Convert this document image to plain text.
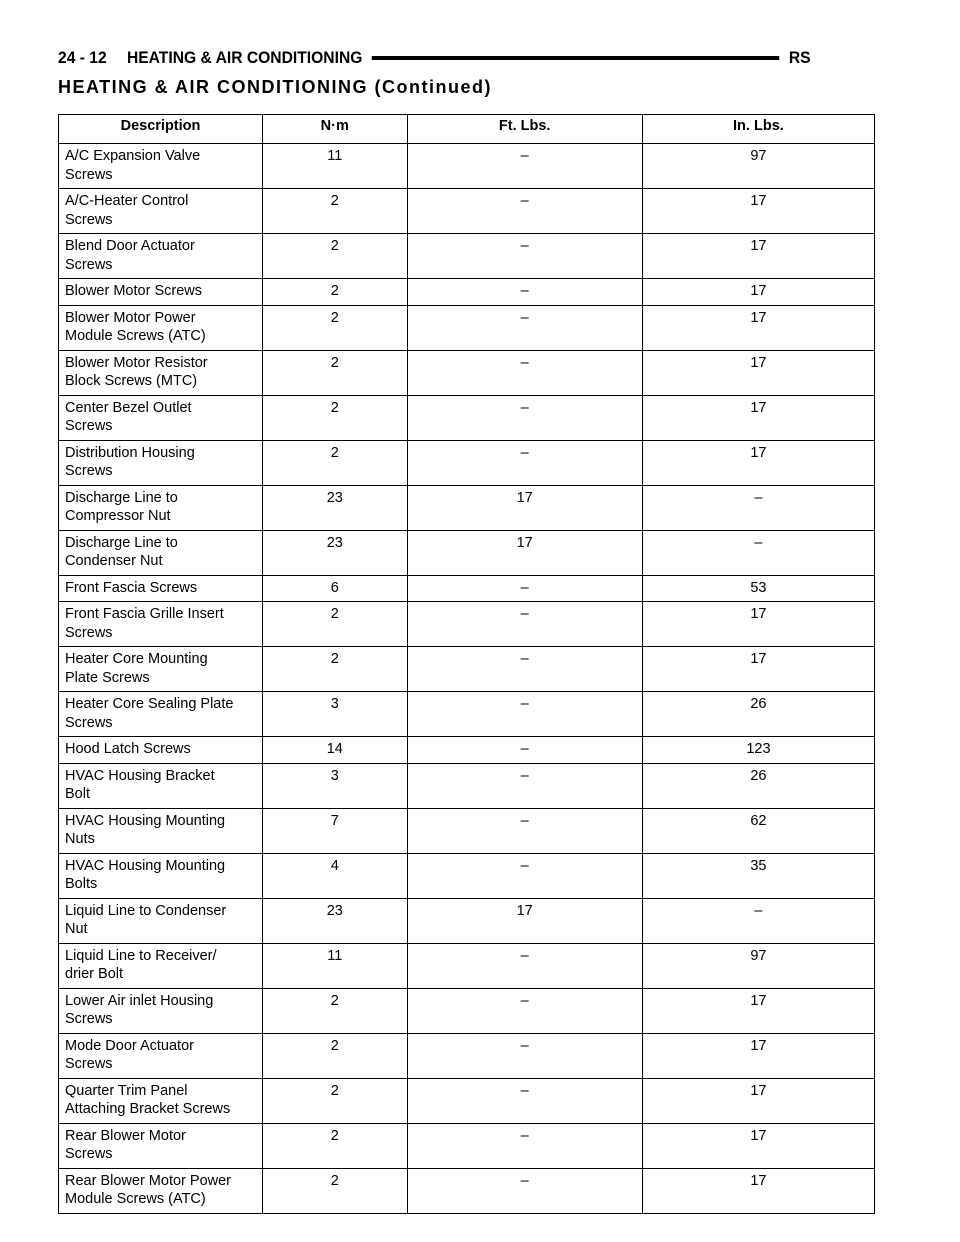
24 - 12 HEATING & AIR CONDITIONING	RS
HEATING & AIR CONDITIONING (Continued)
Description	N·m	Ft. Lbs.	In. Lbs.

A/C Expansion Valve
Screws	11	–	97

A/C-Heater Control
Screws	2	–	17

Blend Door Actuator
Screws	2	–	17

Blower Motor Screws	2	–	17

Blower Motor Power
Module Screws (ATC)	2	–	17

Blower Motor Resistor
Block Screws (MTC)	2	–	17

Center Bezel Outlet
Screws	2	–	17

Distribution Housing
Screws	2	–	17

Discharge Line to
Compressor Nut	23	17	–

Discharge Line to
Condenser Nut	23	17	–

Front Fascia Screws	6	–	53

Front Fascia Grille Insert
Screws	2	–	17

Heater Core Mounting
Plate Screws	2	–	17

Heater Core Sealing Plate
Screws	3	–	26

Hood Latch Screws	14	–	123

HVAC Housing Bracket
Bolt	3	–	26

HVAC Housing Mounting
Nuts	7	–	62

HVAC Housing Mounting
Bolts	4	–	35

Liquid Line to Condenser
Nut	23	17	–

Liquid Line to Receiver/
drier Bolt	11	–	97

Lower Air inlet Housing
Screws	2	–	17

Mode Door Actuator
Screws	2	–	17

Quarter Trim Panel
Attaching Bracket Screws	2	–	17

Rear Blower Motor
Screws	2	–	17

Rear Blower Motor Power
Module Screws (ATC)	2	–	17
